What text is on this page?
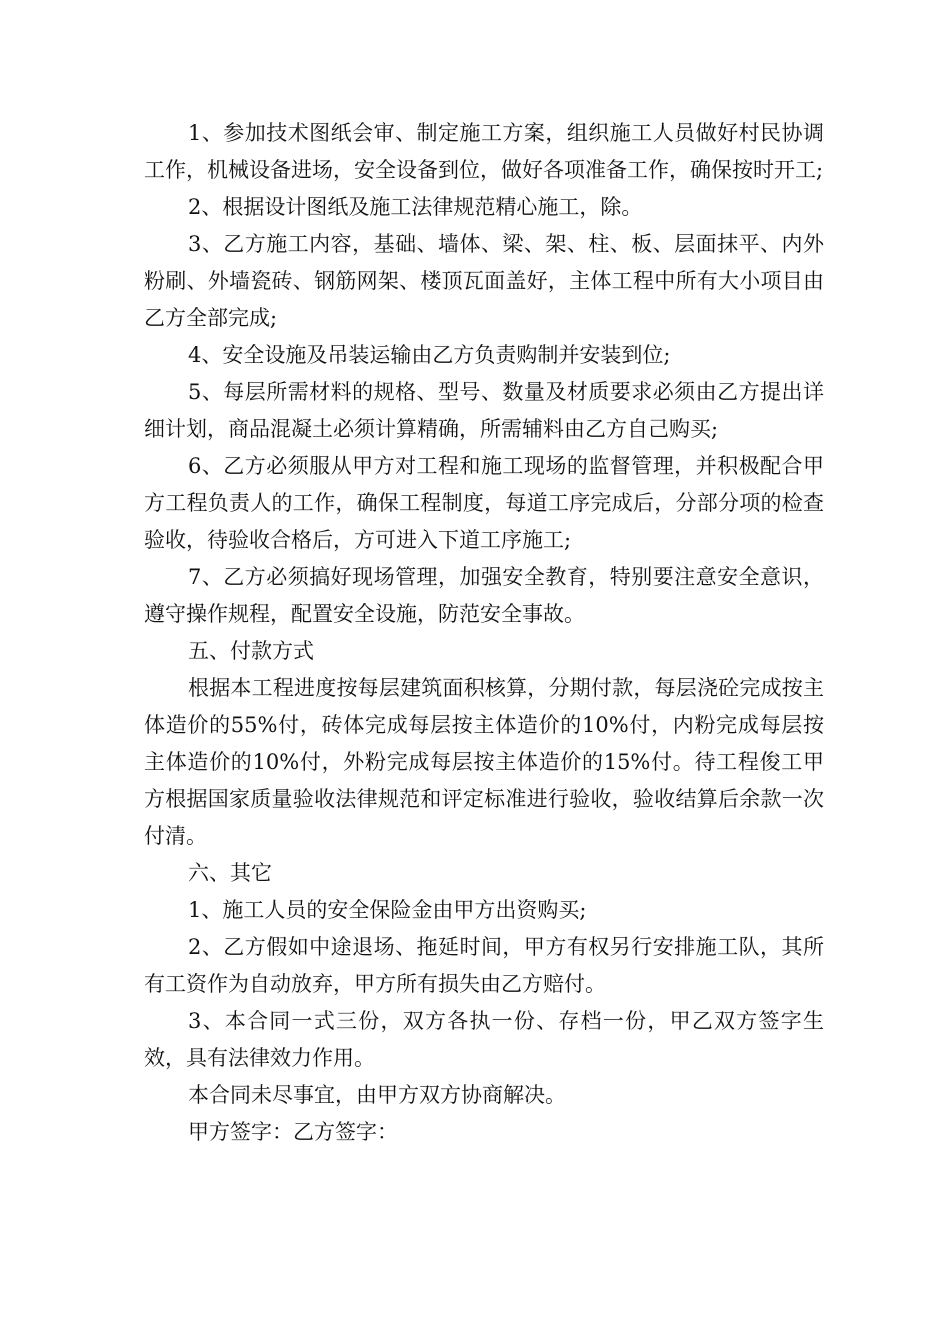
1、参加技术图纸会审、制定施工方案，组织施工人员做好村民协调工作，机械设备进场，安全设备到位，做好各项准备工作，确保按时开工;

2、根据设计图纸及施工法律规范精心施工，除。

3、乙方施工内容，基础、墙体、梁、架、柱、板、层面抹平、内外粉刷、外墙瓷砖、钢筋网架、楼顶瓦面盖好，主体工程中所有大小项目由乙方全部完成;

4、安全设施及吊装运输由乙方负责购制并安装到位;

5、每层所需材料的规格、型号、数量及材质要求必须由乙方提出详细计划，商品混凝土必须计算精确，所需辅料由乙方自己购买;

6、乙方必须服从甲方对工程和施工现场的监督管理，并积极配合甲方工程负责人的工作，确保工程制度，每道工序完成后，分部分项的检查验收，待验收合格后，方可进入下道工序施工;

7、乙方必须搞好现场管理，加强安全教育，特别要注意安全意识，遵守操作规程，配置安全设施，防范安全事故。

五、付款方式

根据本工程进度按每层建筑面积核算，分期付款，每层浇砼完成按主体造价的55%付，砖体完成每层按主体造价的10%付，内粉完成每层按主体造价的10%付，外粉完成每层按主体造价的15%付。待工程俊工甲方根据国家质量验收法律规范和评定标准进行验收，验收结算后余款一次付清。

六、其它

1、施工人员的安全保险金由甲方出资购买;

2、乙方假如中途退场、拖延时间，甲方有权另行安排施工队，其所有工资作为自动放弃，甲方所有损失由乙方赔付。

3、本合同一式三份，双方各执一份、存档一份，甲乙双方签字生效，具有法律效力作用。

本合同未尽事宜，由甲方双方协商解决。

甲方签字：乙方签字：
